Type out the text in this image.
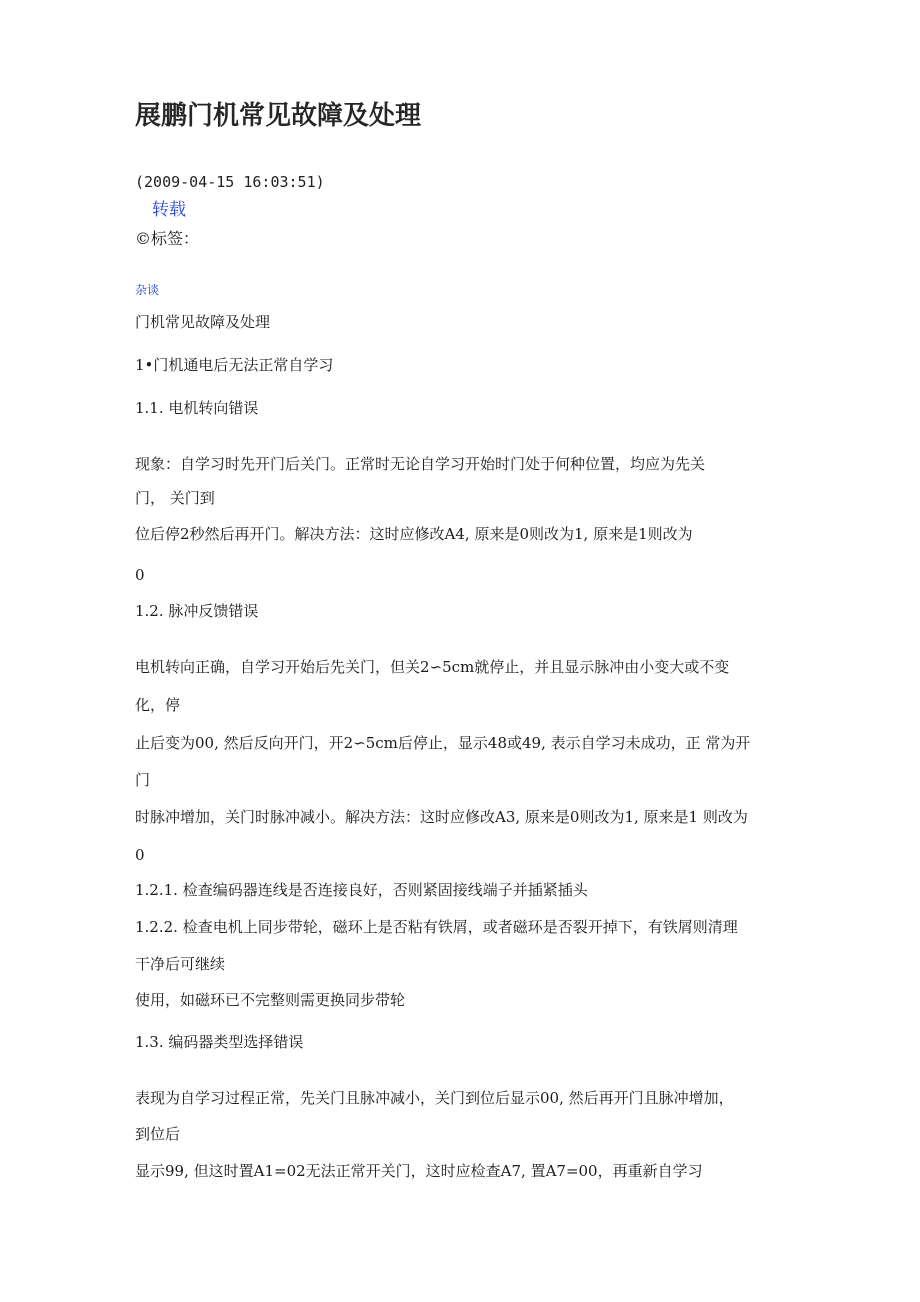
展鹏门机常见故障及处理
(2009-04-15 16:03:51)
转载
©标签：
杂谈
门机常见故障及处理
1•门机通电后无法正常自学习
1.1. 电机转向错误
现象：自学习时先开门后关门。正常时无论自学习开始时门处于何种位置，均应为先关
门， 关门到
位后停2秒然后再开门。解决方法：这时应修改A4, 原来是0则改为1, 原来是1则改为
0
1.2. 脉冲反馈错误
电机转向正确，自学习开始后先关门，但关2∽5cm就停止，并且显示脉冲由小变大或不变
化，停
止后变为00, 然后反向开门，开2∽5cm后停止，显示48或49, 表示自学习未成功，正 常为开
门
时脉冲增加，关门时脉冲减小。解决方法：这时应修改A3, 原来是0则改为1, 原来是1 则改为
0
1.2.1. 检查编码器连线是否连接良好，否则紧固接线端子并插紧插头
1.2.2. 检查电机上同步带轮，磁环上是否粘有铁屑，或者磁环是否裂开掉下，有铁屑则清理
干净后可继续
使用，如磁环已不完整则需更换同步带轮
1.3. 编码器类型选择错误
表现为自学习过程正常，先关门且脉冲减小，关门到位后显示00, 然后再开门且脉冲增加，
到位后
显示99, 但这时置A1=02无法正常开关门，这时应检查A7, 置A7=00，再重新自学习
